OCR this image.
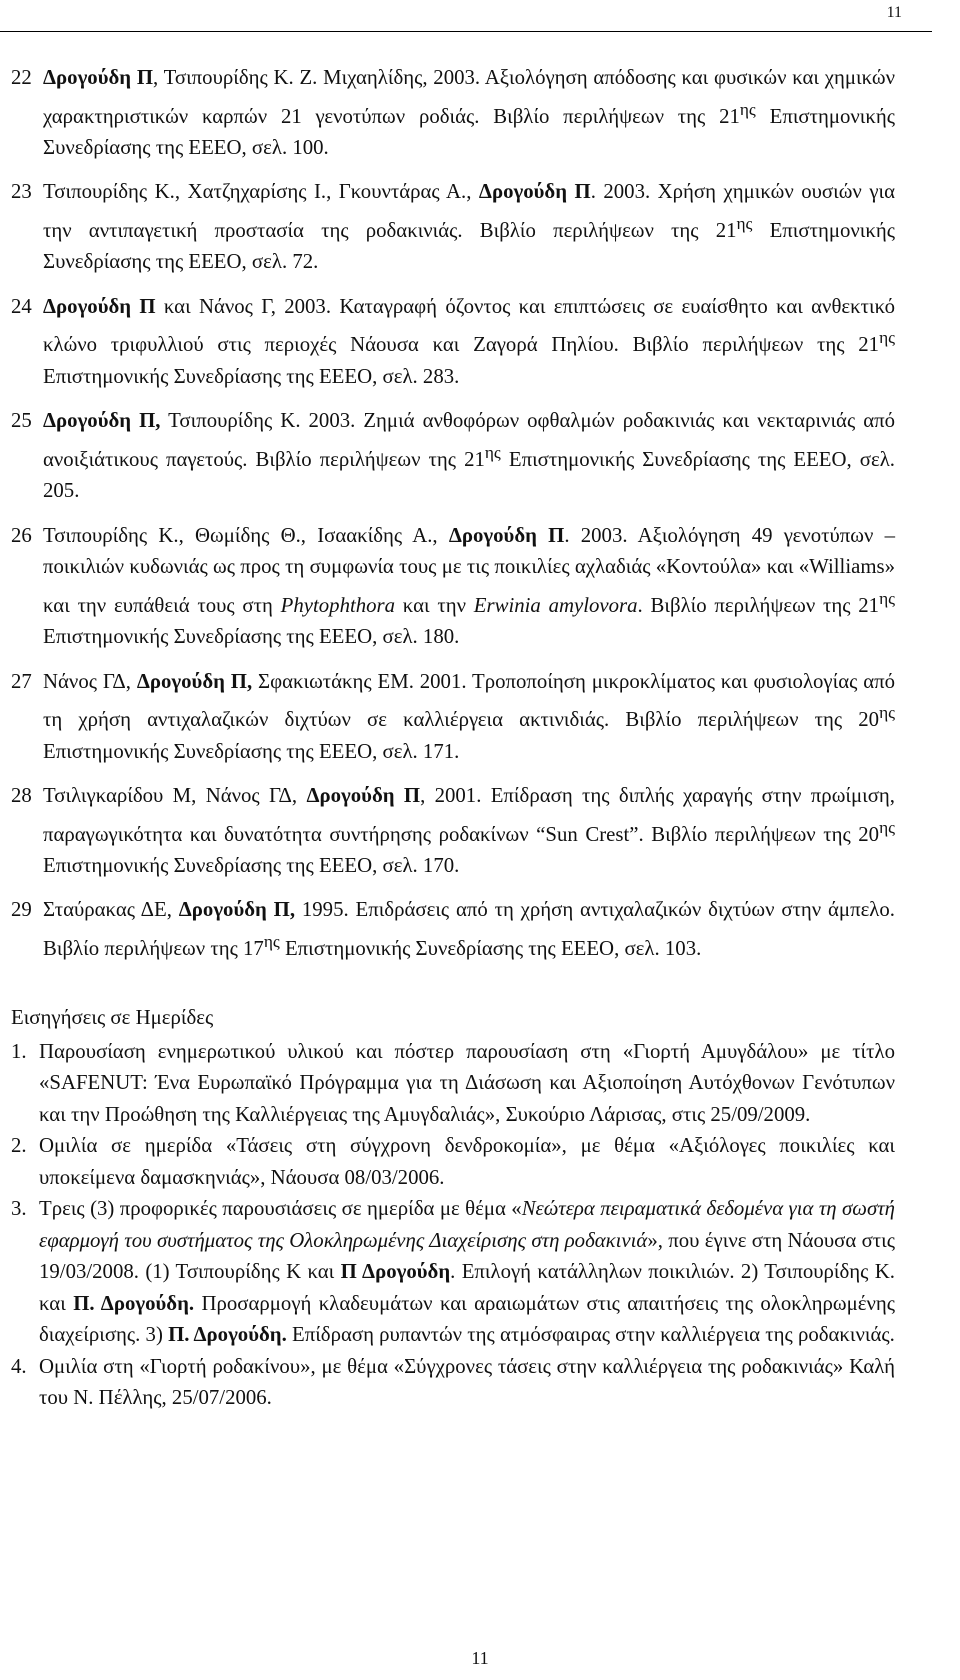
11
22 Δρογούδη Π, Τσιπουρίδης Κ. Ζ. Μιχαηλίδης, 2003. Αξιολόγηση απόδοσης και φυσικών και χημικών χαρακτηριστικών καρπών 21 γενοτύπων ροδιάς. Βιβλίο περιλήψεων της $21^{\eta\varsigma}$ Επιστημονικής Συνεδρίασης της ΕΕΕΟ, σελ. 100.
23 Τσιπουρίδης Κ., Χατζηχαρίσης Ι., Γκουντάρας Α., Δρογούδη Π. 2003. Χρήση χημικών ουσιών για την αντιπαγετική προστασία της ροδακινιάς. Βιβλίο περιλήψεων της $21^{\eta\varsigma}$ Επιστημονικής Συνεδρίασης της ΕΕΕΟ, σελ. 72.
24 Δρογούδη Π και Νάνος Γ, 2003. Καταγραφή όζοντος και επιπτώσεις σε ευαίσθητο και ανθεκτικό κλώνο τριφυλλιού στις περιοχές Νάουσα και Ζαγορά Πηλίου. Βιβλίο περιλήψεων της $21^{\eta\varsigma}$ Επιστημονικής Συνεδρίασης της ΕΕΕΟ, σελ. 283.
25 Δρογούδη Π, Τσιπουρίδης Κ. 2003. Ζημιά ανθοφόρων οφθαλμών ροδακινιάς και νεκταρινιάς από ανοιξιάτικους παγετούς. Βιβλίο περιλήψεων της $21^{\eta\varsigma}$ Επιστημονικής Συνεδρίασης της ΕΕΕΟ, σελ. 205.
26 Τσιπουρίδης Κ., Θωμίδης Θ., Ισαακίδης Α., Δρογούδη Π. 2003. Αξιολόγηση 49 γενοτύπων –ποικιλιών κυδωνιάς ως προς τη συμφωνία τους με τις ποικιλίες αχλαδιάς «Κοντούλα» και «Williams» και την ευπάθειά τους στη Phytophthora και την Erwinia amylovora. Βιβλίο περιλήψεων της $21^{\eta\varsigma}$ Επιστημονικής Συνεδρίασης της ΕΕΕΟ, σελ. 180.
27 Νάνος ΓΔ, Δρογούδη Π, Σφακιωτάκης ΕΜ. 2001. Τροποποίηση μικροκλίματος και φυσιολογίας από τη χρήση αντιχαλαζικών διχτύων σε καλλιέργεια ακτινιδιάς. Βιβλίο περιλήψεων της $20^{\eta\varsigma}$ Επιστημονικής Συνεδρίασης της ΕΕΕΟ, σελ. 171.
28 Τσιλιγκαρίδου Μ, Νάνος ΓΔ, Δρογούδη Π, 2001. Επίδραση της διπλής χαραγής στην πρωίμιση, παραγωγικότητα και δυνατότητα συντήρησης ροδακίνων “Sun Crest”. Βιβλίο περιλήψεων της $20^{\eta\varsigma}$ Επιστημονικής Συνεδρίασης της ΕΕΕΟ, σελ. 170.
29 Σταύρακας ΔΕ, Δρογούδη Π, 1995. Επιδράσεις από τη χρήση αντιχαλαζικών διχτύων στην άμπελο. Βιβλίο περιλήψεων της $17^{\eta\varsigma}$ Επιστημονικής Συνεδρίασης της ΕΕΕΟ, σελ. 103.
Εισηγήσεις σε Ημερίδες
1. Παρουσίαση ενημερωτικού υλικού και πόστερ παρουσίαση στη «Γιορτή Αμυγδάλου» με τίτλο «SAFENUT: Ένα Ευρωπαϊκό Πρόγραμμα για τη Διάσωση και Αξιοποίηση Αυτόχθονων Γενότυπων και την Προώθηση της Καλλιέργειας της Αμυγδαλιάς», Συκούριο Λάρισας, στις 25/09/2009.
2. Ομιλία σε ημερίδα «Τάσεις στη σύγχρονη δενδροκομία», με θέμα «Αξιόλογες ποικιλίες και υποκείμενα δαμασκηνιάς», Νάουσα 08/03/2006.
3. Τρεις (3) προφορικές παρουσιάσεις σε ημερίδα με θέμα «Νεώτερα πειραματικά δεδομένα για τη σωστή εφαρμογή του συστήματος της Ολοκληρωμένης Διαχείρισης στη ροδακινιά», που έγινε στη Νάουσα στις 19/03/2008. (1) Τσιπουρίδης Κ και Π Δρογούδη. Επιλογή κατάλληλων ποικιλιών. 2) Τσιπουρίδης Κ. και Π. Δρογούδη. Προσαρμογή κλαδευμάτων και αραιωμάτων στις απαιτήσεις της ολοκληρωμένης διαχείρισης. 3) Π. Δρογούδη. Επίδραση ρυπαντών της ατμόσφαιρας στην καλλιέργεια της ροδακινιάς.
4. Ομιλία στη «Γιορτή ροδακίνου», με θέμα «Σύγχρονες τάσεις στην καλλιέργεια της ροδακινιάς» Καλή του Ν. Πέλλης, 25/07/2006.
11
